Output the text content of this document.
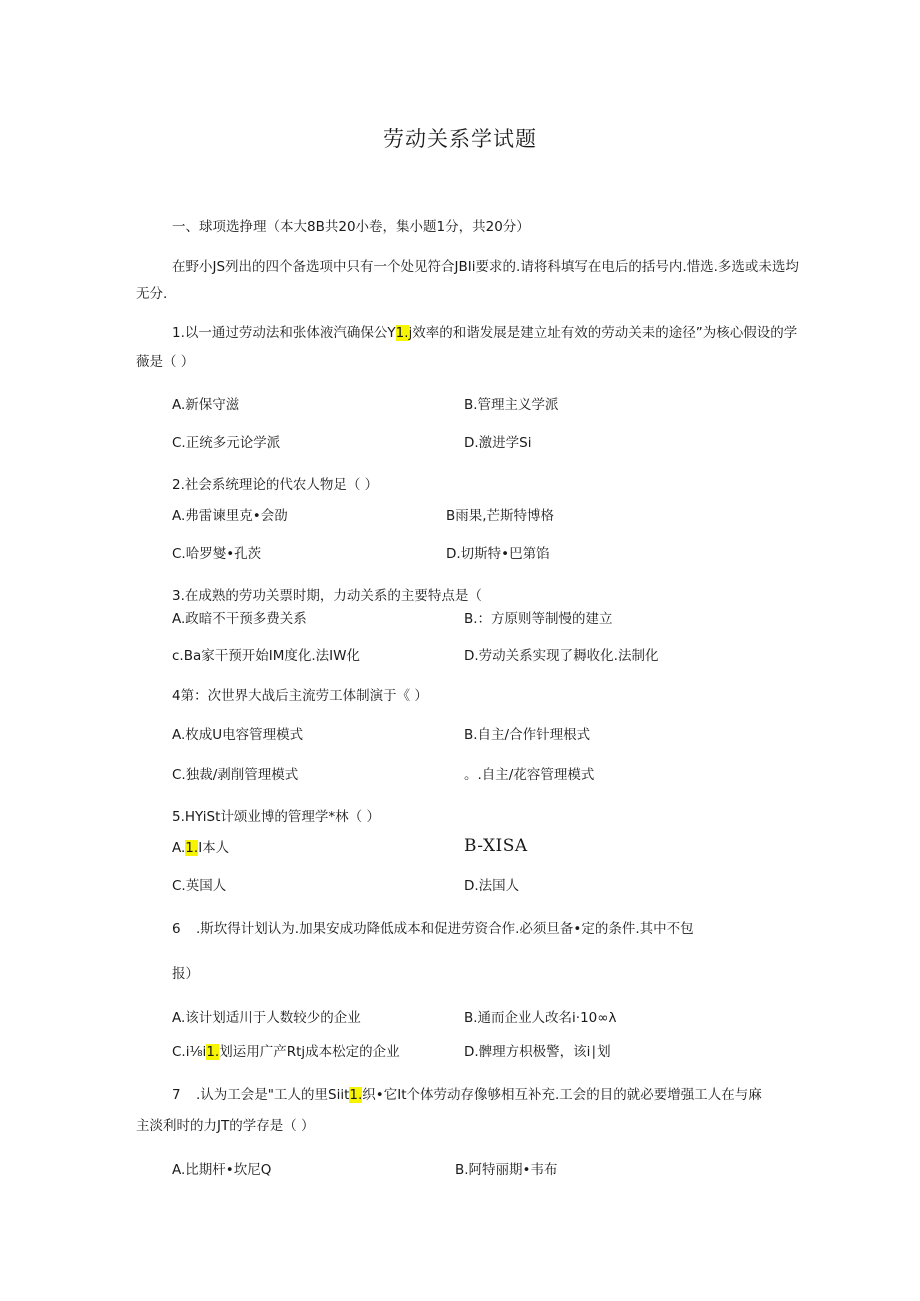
劳动关系学试题
一、球项选挣理（本大8B共20小卷，集小题1分，共20分）
在野小JS列出的四个备选项中只有一个处见符合JBIi要求的.请将科填写在电后的括号内.惜选.多选或未选均
无分.
1.以一通过劳动法和张体液汽确保公Y1.j效率的和谐发展是建立址有效的劳动关耒的途径”为核心假设的学
薇是（ ）
A.新保守滋	B.管理主义学派
C.正统多元论学派	D.激进学Si
2.社会系统理论的代农人物足（ ）
A.弗雷谏里克•会劭	B雨果,芒斯特博格
C.哈罗燮•孔茨	D.切斯特•巴第馅
3.在成熟的劳功关票时期，力动关系的主要特点是（
A.政暗不干预多费关系	B.：方原则等制慢的建立
c.Ba家干预开始IM度化.法IW化	D.劳动关系实现了耨收化.法制化
4第：次世界大战后主流劳工体制演于《 ）
A.枚成U电容管理模式	B.自主/合作针理根式
C.独裁/剥削管理模式	。.自主/花容管理模式
5.HYiSt计颂业博的管理学*林（ ）
A.1.I本人	B-XISA
C.英国人	D.法国人
6 .斯坎得计划认为.加果安成功降低成本和促进劳资合作.必须旦备•定的条件.其中不包
报）
A.该计划适川于人数较少的企业	B.通而企业人改名i·10∞λ
C.i⅛i1.划运用广产Rtj成本松定的企业	D.髀理方枳极警，该i∣划
7 .认为工会是"工人的里Siit1.织•它It个体劳动存像够相互补充.工会的目的就必要增强工人在与麻
主淡利时的力JT的学存是（ ）
A.比期杆•坎尼Q	B.阿特丽期•韦布
